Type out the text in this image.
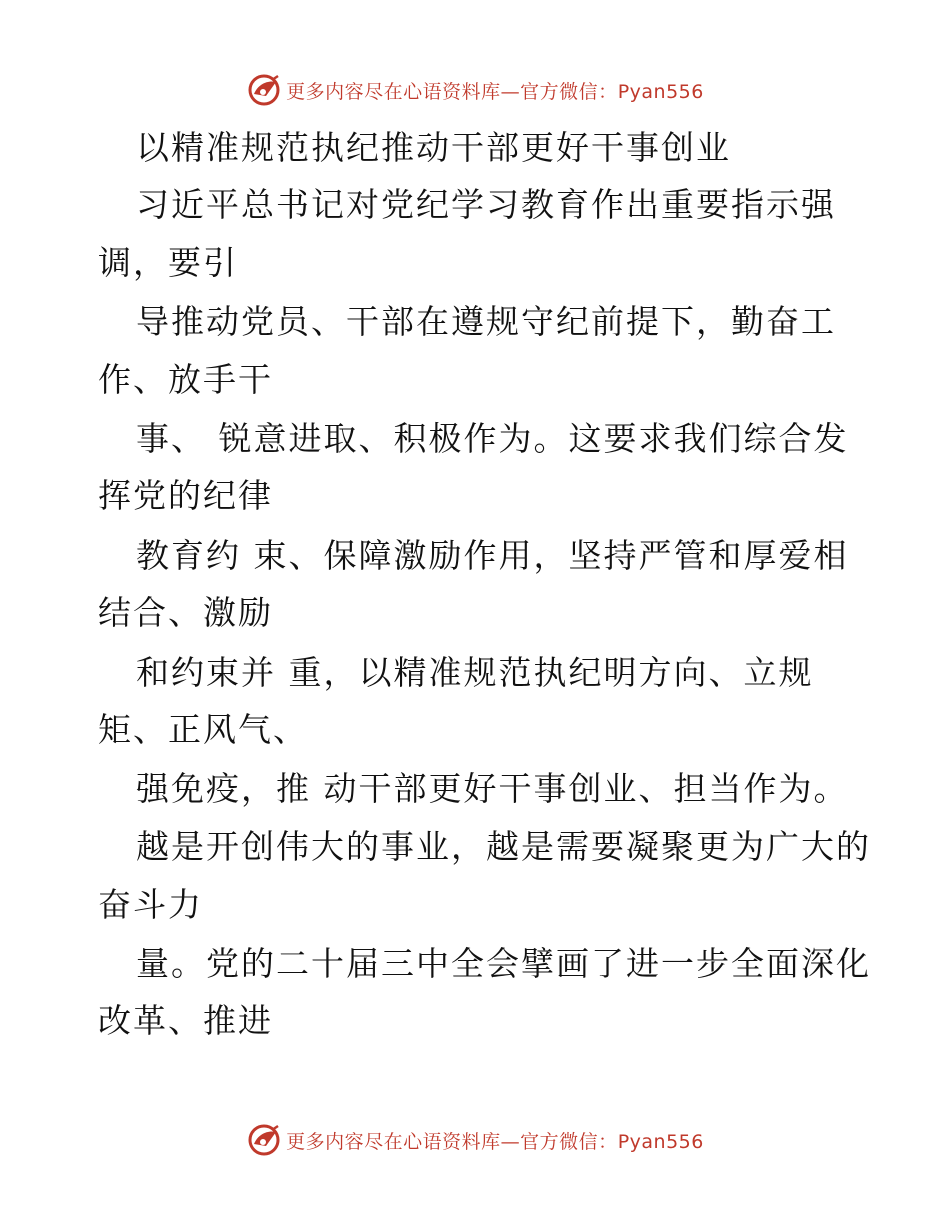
更多内容尽在心语资料库—官方微信：Pyan556
以精准规范执纪推动干部更好干事创业
习近平总书记对党纪学习教育作出重要指示强
调，要引
导推动党员、干部在遵规守纪前提下，勤奋工
作、放手干
事、 锐意进取、积极作为。这要求我们综合发
挥党的纪律
教育约 束、保障激励作用，坚持严管和厚爱相
结合、激励
和约束并 重，以精准规范执纪明方向、立规
矩、正风气、
强免疫，推 动干部更好干事创业、担当作为。
越是开创伟大的事业，越是需要凝聚更为广大的
奋斗力
量。党的二十届三中全会擘画了进一步全面深化
改革、推进
更多内容尽在心语资料库—官方微信：Pyan556
